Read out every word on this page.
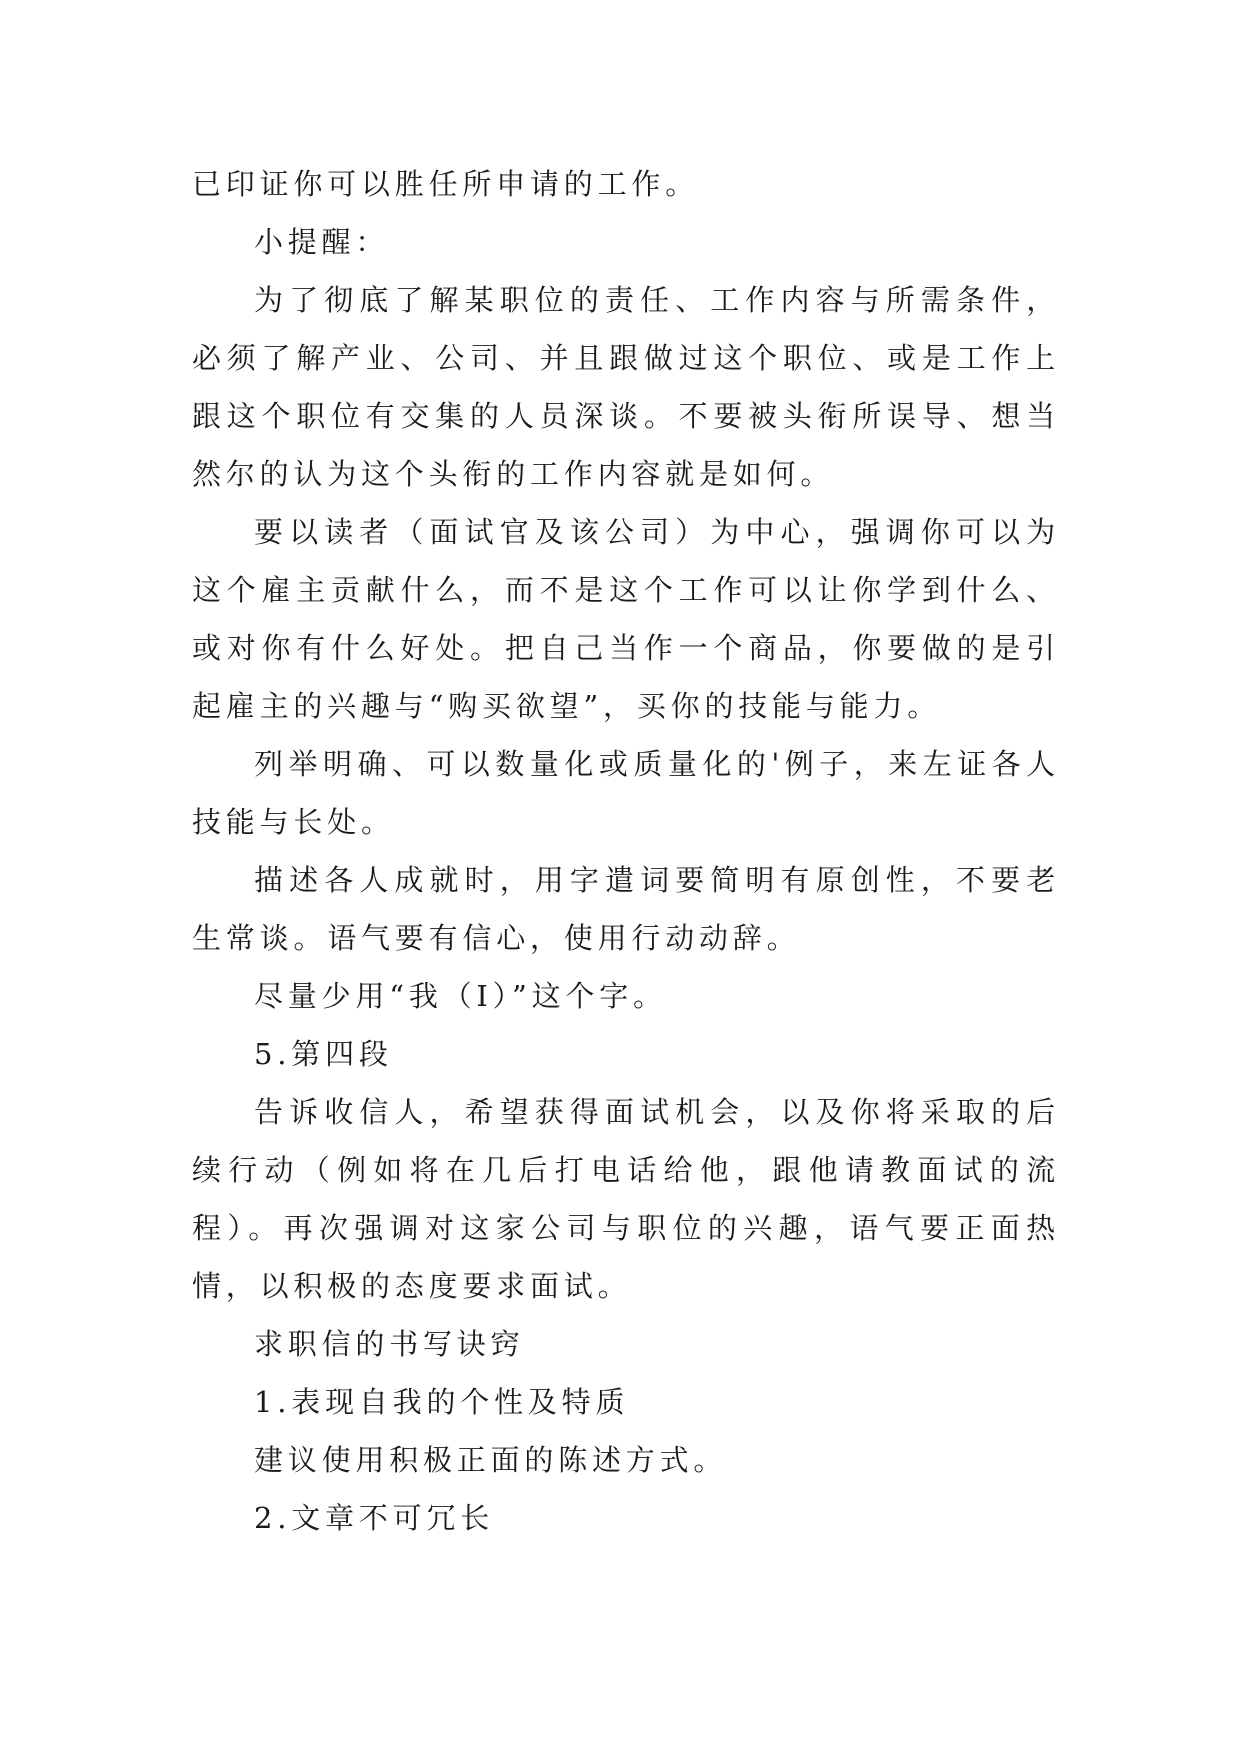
已印证你可以胜任所申请的工作。

小提醒：

为了彻底了解某职位的责任、工作内容与所需条件，必须了解产业、公司、并且跟做过这个职位、或是工作上跟这个职位有交集的人员深谈。不要被头衔所误导、想当然尔的认为这个头衔的工作内容就是如何。

要以读者（面试官及该公司）为中心，强调你可以为这个雇主贡献什么，而不是这个工作可以让你学到什么、或对你有什么好处。把自己当作一个商品，你要做的是引起雇主的兴趣与“购买欲望”，买你的技能与能力。

列举明确、可以数量化或质量化的'例子，来左证各人技能与长处。

描述各人成就时，用字遣词要简明有原创性，不要老生常谈。语气要有信心，使用行动动辞。

尽量少用“我（I）”这个字。

5.第四段

告诉收信人，希望获得面试机会，以及你将采取的后续行动（例如将在几后打电话给他，跟他请教面试的流程）。再次强调对这家公司与职位的兴趣，语气要正面热情，以积极的态度要求面试。

求职信的书写诀窍

1.表现自我的个性及特质

建议使用积极正面的陈述方式。

2.文章不可冗长
